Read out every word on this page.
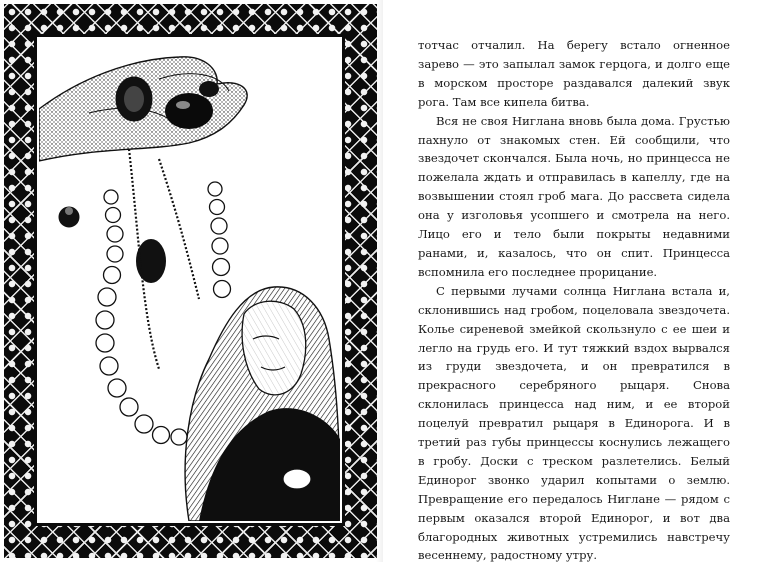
тотчас отчалил. На берегу встало огненное зарево — это запылал замок герцога, и долго еще в морском просторе раздавался далекий звук рога. Там все кипела битва.

Вся не своя Ниглана вновь была дома. Грустью пахнуло от знакомых стен. Ей сообщили, что звездочет скончался. Была ночь, но принцесса не пожелала ждать и отправилась в капеллу, где на возвышении стоял гроб мага. До рассвета сидела она у изголовья усопшего и смотрела на него. Лицо его и тело были покрыты недавними ранами, и, казалось, что он спит. Принцесса вспомнила его последнее прорицание.

С первыми лучами солнца Ниглана встала и, склонившись над гробом, поцеловала звездочета. Колье сиреневой змейкой скользнуло с ее шеи и легло на грудь его. И тут тяжкий вздох вырвался из груди звездочета, и он превратился в прекрасного серебряного рыцаря. Снова склонилась принцесса над ним, и ее второй поцелуй превратил рыцаря в Единорога. И в третий раз губы принцессы коснулись лежащего в гробу. Доски с треском разлетелись. Белый Единорог звонко ударил копытами о землю. Превращение его передалось Ниглане — рядом с первым оказался второй Единорог, и вот два благородных животных устремились навстречу весеннему, радостному утру.
